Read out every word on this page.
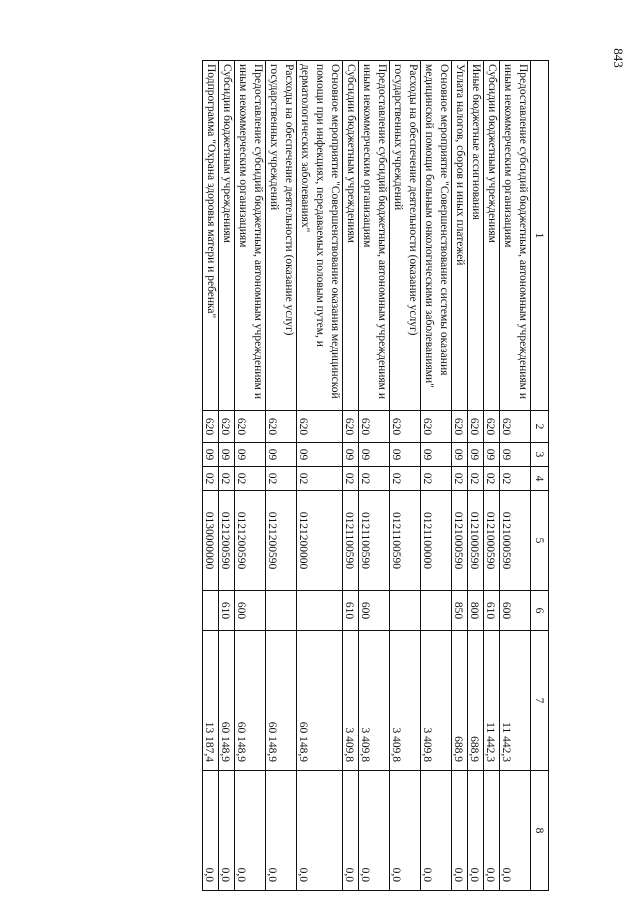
843
1	2	3	4	5	6	7	8
Предоставление субсидий бюджетным, автономным учреждениям и иным некоммерческим организациям	620	09	02	0121000590	600	11 442,3	0,0
Субсидии бюджетным учреждениям	620	09	02	0121000590	610	11 442,3	0,0
Иные бюджетные ассигнования	620	09	02	0121000590	800	688,9	0,0
Уплата налогов, сборов и иных платежей	620	09	02	0121000590	850	688,9	0,0
Основное мероприятие "Совершенствование системы оказания медицинской помощи больным онкологическими заболеваниями"	620	09	02	0121100000		3 409,8	0,0
Расходы на обеспечение деятельности (оказание услуг) государственных учреждений	620	09	02	0121100590		3 409,8	0,0
Предоставление субсидий бюджетным, автономным учреждениям и иным некоммерческим организациям	620	09	02	0121100590	600	3 409,8	0,0
Субсидии бюджетным учреждениям	620	09	02	0121100590	610	3 409,8	0,0
Основное мероприятие "Совершенствование оказания медицинской помощи при инфекциях, передаваемых половым путем, и дерматологических заболеваниях"	620	09	02	0121200000		60 148,9	0,0
Расходы на обеспечение деятельности (оказание услуг) государственных учреждений	620	09	02	0121200590		60 148,9	0,0
Предоставление субсидий бюджетным, автономным учреждениям и иным некоммерческим организациям	620	09	02	0121200590	600	60 148,9	0,0
Субсидии бюджетным учреждениям	620	09	02	0121200590	610	60 148,9	0,0
Подпрограмма "Охрана здоровья матери и ребенка"	620	09	02	0130000000		13 187,4	0,0
